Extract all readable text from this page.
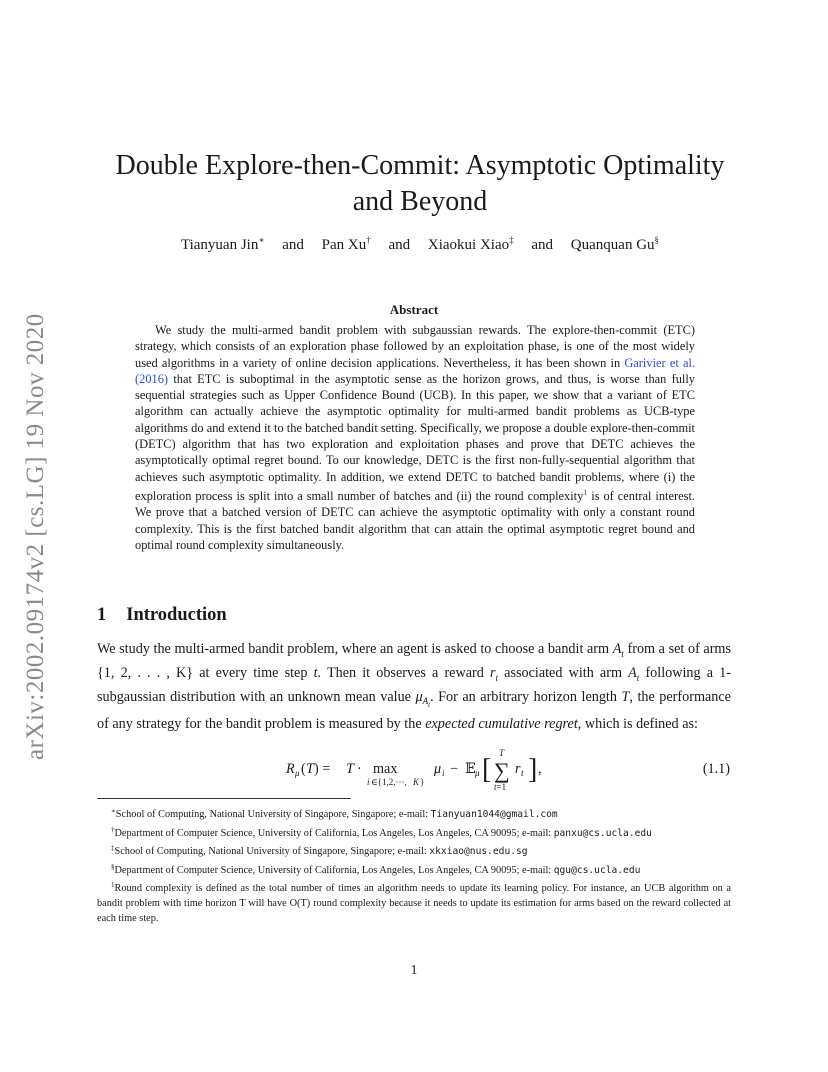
arXiv:2002.09174v2 [cs.LG] 19 Nov 2020
Double Explore-then-Commit: Asymptotic Optimality
and Beyond
Tianyuan Jin∗ and Pan Xu† and Xiaokui Xiao‡ and Quanquan Gu§
Abstract

We study the multi-armed bandit problem with subgaussian rewards. The explore-then-commit (ETC) strategy, which consists of an exploration phase followed by an exploitation phase, is one of the most widely used algorithms in a variety of online decision applications. Nevertheless, it has been shown in Garivier et al. (2016) that ETC is suboptimal in the asymptotic sense as the horizon grows, and thus, is worse than fully sequential strategies such as Upper Confidence Bound (UCB). In this paper, we show that a variant of ETC algorithm can actually achieve the asymptotic optimality for multi-armed bandit problems as UCB-type algorithms do and extend it to the batched bandit setting. Specifically, we propose a double explore-then-commit (DETC) algorithm that has two exploration and exploitation phases and prove that DETC achieves the asymptotically optimal regret bound. To our knowledge, DETC is the first non-fully-sequential algorithm that achieves such asymptotic optimality. In addition, we extend DETC to batched bandit problems, where (i) the exploration process is split into a small number of batches and (ii) the round complexity$^1$ is of central interest. We prove that a batched version of DETC can achieve the asymptotic optimality with only a constant round complexity. This is the first batched bandit algorithm that can attain the optimal asymptotic regret bound and optimal round complexity simultaneously.

1 Introduction

We study the multi-armed bandit problem, where an agent is asked to choose a bandit arm $A_t$ from a set of arms {1, 2, . . . , K} at every time step t. Then it observes a reward $r_t$ associated with arm $A_t$ following a 1-subgaussian distribution with an unknown mean value $\mu_{A_t}$. For an arbitrary horizon length T, the performance of any strategy for the bandit problem is measured by the expected cumulative regret, which is defined as:

R μ ( T ) = T · max
i ∈{1,2,···, K }
μ i − 𝔼 μ [ ∑
T
t=1
r t ] ,	(1.1)

∗School of Computing, National University of Singapore, Singapore; e-mail: Tianyuan1044@gmail.com

†Department of Computer Science, University of California, Los Angeles, Los Angeles, CA 90095; e-mail: panxu@cs.ucla.edu

‡School of Computing, National University of Singapore, Singapore; e-mail: xkxiao@nus.edu.sg

§Department of Computer Science, University of California, Los Angeles, Los Angeles, CA 90095; e-mail: qgu@cs.ucla.edu

$^1$Round complexity is defined as the total number of times an algorithm needs to update its learning policy. For instance, an UCB algorithm on a bandit problem with time horizon T will have O(T) round complexity because it needs to update its estimation for arms based on the reward collected at each time step.

1
